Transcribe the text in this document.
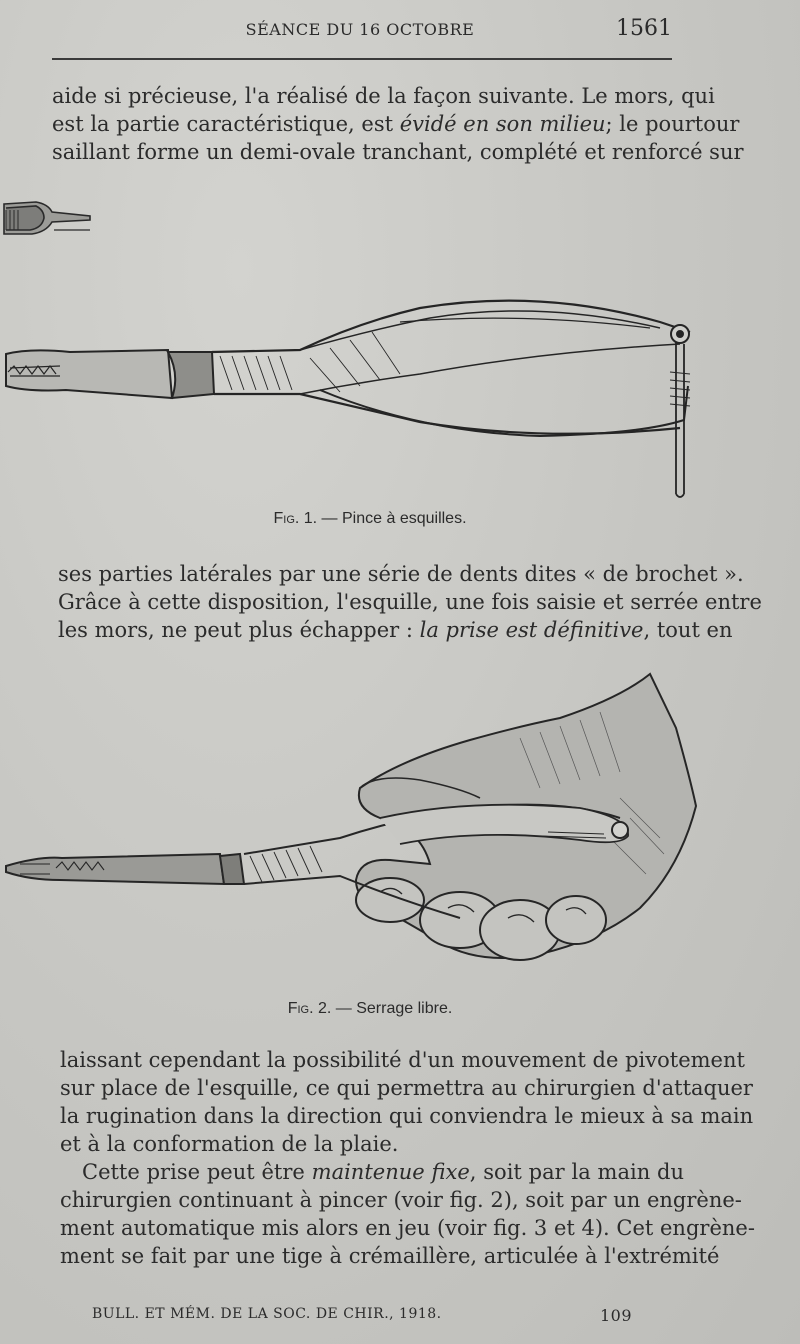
SÉANCE DU 16 OCTOBRE	1561
aide si précieuse, l'a réalisé de la façon suivante. Le mors, qui
est la partie caractéristique, est évidé en son milieu; le pourtour
saillant forme un demi-ovale tranchant, complété et renforcé sur
Fig. 1. — Pince à esquilles.
ses parties latérales par une série de dents dites « de brochet ».
Grâce à cette disposition, l'esquille, une fois saisie et serrée entre
les mors, ne peut plus échapper : la prise est définitive, tout en
Fig. 2. — Serrage libre.
laissant cependant la possibilité d'un mouvement de pivotement
sur place de l'esquille, ce qui permettra au chirurgien d'attaquer
la rugination dans la direction qui conviendra le mieux à sa main
et à la conformation de la plaie.
Cette prise peut être maintenue fixe, soit par la main du
chirurgien continuant à pincer (voir fig. 2), soit par un engrène-
ment automatique mis alors en jeu (voir fig. 3 et 4). Cet engrène-
ment se fait par une tige à crémaillère, articulée à l'extrémité
BULL. ET MÉM. DE LA SOC. DE CHIR., 1918.	109
